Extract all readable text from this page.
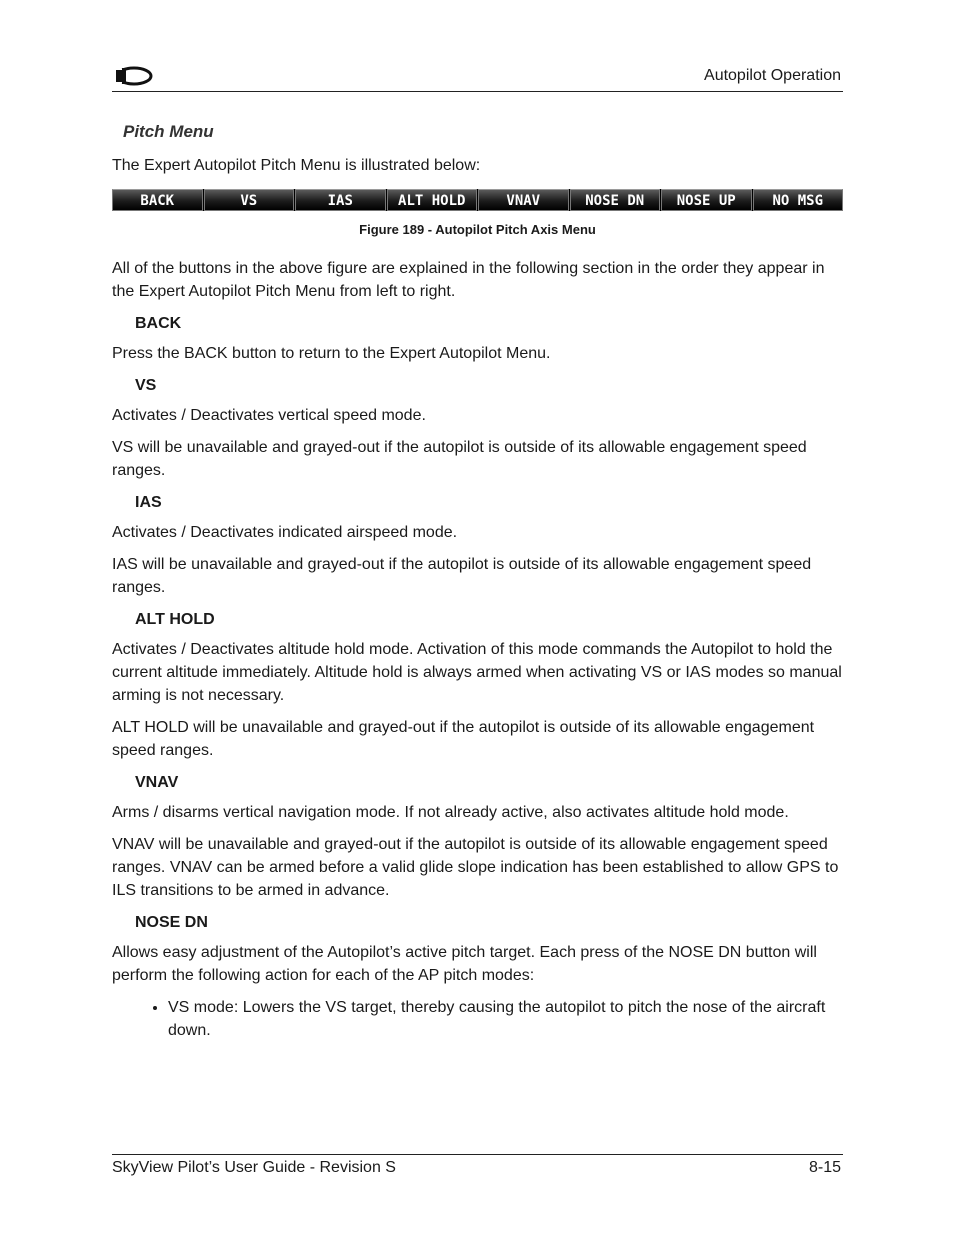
Autopilot Operation
Pitch Menu

The Expert Autopilot Pitch Menu is illustrated below:

BACK	VS	IAS	ALT HOLD	VNAV	NOSE DN	NOSE UP	NO MSG
Figure 189 - Autopilot Pitch Axis Menu

All of the buttons in the above figure are explained in the following section in the order they appear in the Expert Autopilot Pitch Menu from left to right.

BACK

Press the BACK button to return to the Expert Autopilot Menu.

VS

Activates / Deactivates vertical speed mode.

VS will be unavailable and grayed-out if the autopilot is outside of its allowable engagement speed ranges.

IAS

Activates / Deactivates indicated airspeed mode.

IAS will be unavailable and grayed-out if the autopilot is outside of its allowable engagement speed ranges.

ALT HOLD

Activates / Deactivates altitude hold mode. Activation of this mode commands the Autopilot to hold the current altitude immediately. Altitude hold is always armed when activating VS or IAS modes so manual arming is not necessary.

ALT HOLD will be unavailable and grayed-out if the autopilot is outside of its allowable engagement speed ranges.

VNAV

Arms / disarms vertical navigation mode. If not already active, also activates altitude hold mode.

VNAV will be unavailable and grayed-out if the autopilot is outside of its allowable engagement speed ranges. VNAV can be armed before a valid glide slope indication has been established to allow GPS to ILS transitions to be armed in advance.

NOSE DN

Allows easy adjustment of the Autopilot’s active pitch target. Each press of the NOSE DN button will perform the following action for each of the AP pitch modes:

• VS mode: Lowers the VS target, thereby causing the autopilot to pitch the nose of the aircraft down.
SkyView Pilot’s User Guide - Revision S	8-15
